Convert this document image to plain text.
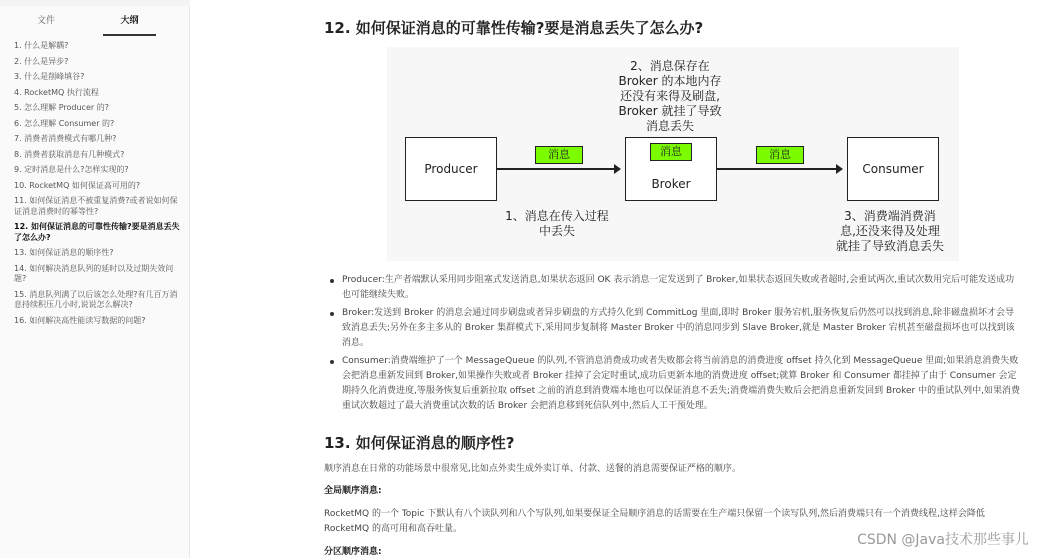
文件	大纲
1. 什么是解耦?
2. 什么是异步?
3. 什么是削峰填谷?
4. RocketMQ 执行流程
5. 怎么理解 Producer 的?
6. 怎么理解 Consumer 的?
7. 消费者消费模式有哪几种?
8. 消费者获取消息有几种模式?
9. 定时消息是什么?怎样实现的?
10. RocketMQ 如何保证高可用的?
11. 如何保证消息不被重复消费?或者说如何保证消息消费时的幂等性?
12. 如何保证消息的可靠性传输?要是消息丢失了怎么办?
13. 如何保证消息的顺序性?
14. 如何解决消息队列的延时以及过期失效问题?
15. 消息队列满了以后该怎么处理?有几百万消息持续积压几小时,说说怎么解决?
16. 如何解决高性能读写数据的问题?
12. 如何保证消息的可靠性传输?要是消息丢失了怎么办?
Producer
Broker
消息
Consumer
消息	消息
2、消息保存在
Broker 的本地内存
还没有来得及刷盘,
Broker 就挂了导致
消息丢失
1、消息在传入过程
中丢失
3、消费端消费消
息,还没来得及处理
就挂了导致消息丢失
Producer:生产者端默认采用同步阻塞式发送消息,如果状态返回 OK 表示消息一定发送到了 Broker,如果状态返回失败或者超时,会重试两次,重试次数用完后可能发送成功也可能继续失败。
Broker:发送到 Broker 的消息会通过同步刷盘或者异步刷盘的方式持久化到 CommitLog 里面,即时 Broker 服务宕机,服务恢复后仍然可以找到消息,除非磁盘损坏才会导致消息丢失;另外在多主多从的 Broker 集群模式下,采用同步复制将 Master Broker 中的消息同步到 Slave Broker,就是 Master Broker 宕机甚至磁盘损坏也可以找到该消息。
Consumer:消费端维护了一个 MessageQueue 的队列,不管消息消费成功或者失败都会将当前消息的消费进度 offset 持久化到 MessageQueue 里面;如果消息消费失败会把消息重新发回到 Broker,如果操作失败或者 Broker 挂掉了会定时重试,成功后更新本地的消费进度 offset;就算 Broker 和 Consumer 都挂掉了由于 Consumer 会定期持久化消费进度,等服务恢复后重新拉取 offset 之前的消息到消费端本地也可以保证消息不丢失;消费端消费失败后会把消息重新发回到 Broker 中的重试队列中,如果消费重试次数超过了最大消费重试次数的话 Broker 会把消息移到死信队列中,然后人工干预处理。
13. 如何保证消息的顺序性?
顺序消息在日常的功能场景中很常见,比如点外卖生成外卖订单、付款、送餐的消息需要保证严格的顺序。
全局顺序消息:
RocketMQ 的一个 Topic 下默认有八个读队列和八个写队列,如果要保证全局顺序消息的话需要在生产端只保留一个读写队列,然后消费端只有一个消费线程,这样会降低 RocketMQ 的高可用和高吞吐量。
分区顺序消息:
CSDN @Java技术那些事儿
